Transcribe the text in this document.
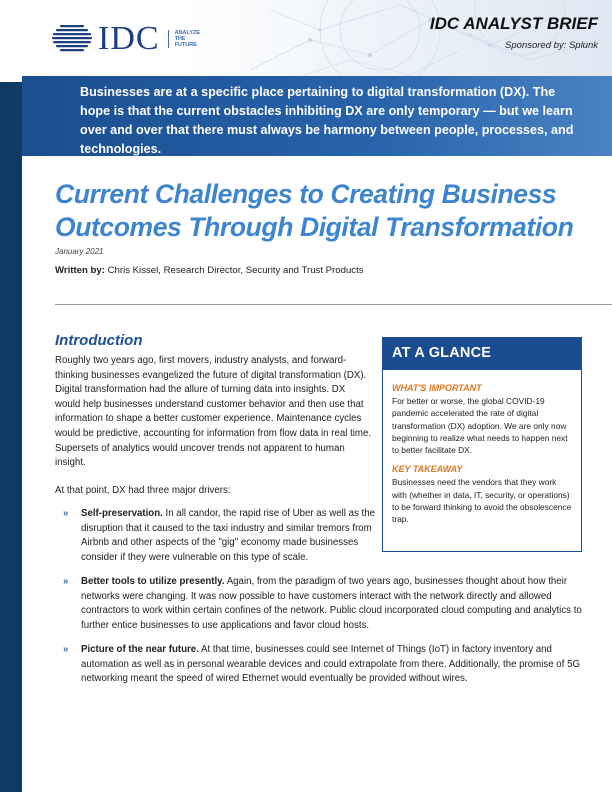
IDC	ANALYZE
THE
FUTURE
IDC ANALYST BRIEF
Sponsored by: Splunk
Businesses are at a specific place pertaining to digital transformation (DX). The hope is that the current obstacles inhibiting DX are only temporary — but we learn over and over that there must always be harmony between people, processes, and technologies.
Current Challenges to Creating Business
Outcomes Through Digital Transformation
January 2021
Written by: Chris Kissel, Research Director, Security and Trust Products
Introduction
Roughly two years ago, first movers, industry analysts, and forward-thinking businesses evangelized the future of digital transformation (DX). Digital transformation had the allure of turning data into insights. DX would help businesses understand customer behavior and then use that information to shape a better customer experience. Maintenance cycles would be predictive, accounting for information from flow data in real time. Supersets of analytics would uncover trends not apparent to human insight.
At that point, DX had three major drivers:
» Self-preservation. In all candor, the rapid rise of Uber as well as the disruption that it caused to the taxi industry and similar tremors from Airbnb and other aspects of the "gig" economy made businesses consider if they were vulnerable on this type of scale.
» Better tools to utilize presently. Again, from the paradigm of two years ago, businesses thought about how their networks were changing. It was now possible to have customers interact with the network directly and allowed contractors to work within certain confines of the network. Public cloud incorporated cloud computing and analytics to further entice businesses to use applications and favor cloud hosts.
» Picture of the near future. At that time, businesses could see Internet of Things (IoT) in factory inventory and automation as well as in personal wearable devices and could extrapolate from there. Additionally, the promise of 5G networking meant the speed of wired Ethernet would eventually be provided without wires.
AT A GLANCE
WHAT'S IMPORTANT
For better or worse, the global COVID-19 pandemic accelerated the rate of digital transformation (DX) adoption. We are only now beginning to realize what needs to happen next to better facilitate DX.
KEY TAKEAWAY
Businesses need the vendors that they work with (whether in data, IT, security, or operations) to be forward thinking to avoid the obsolescence trap.
